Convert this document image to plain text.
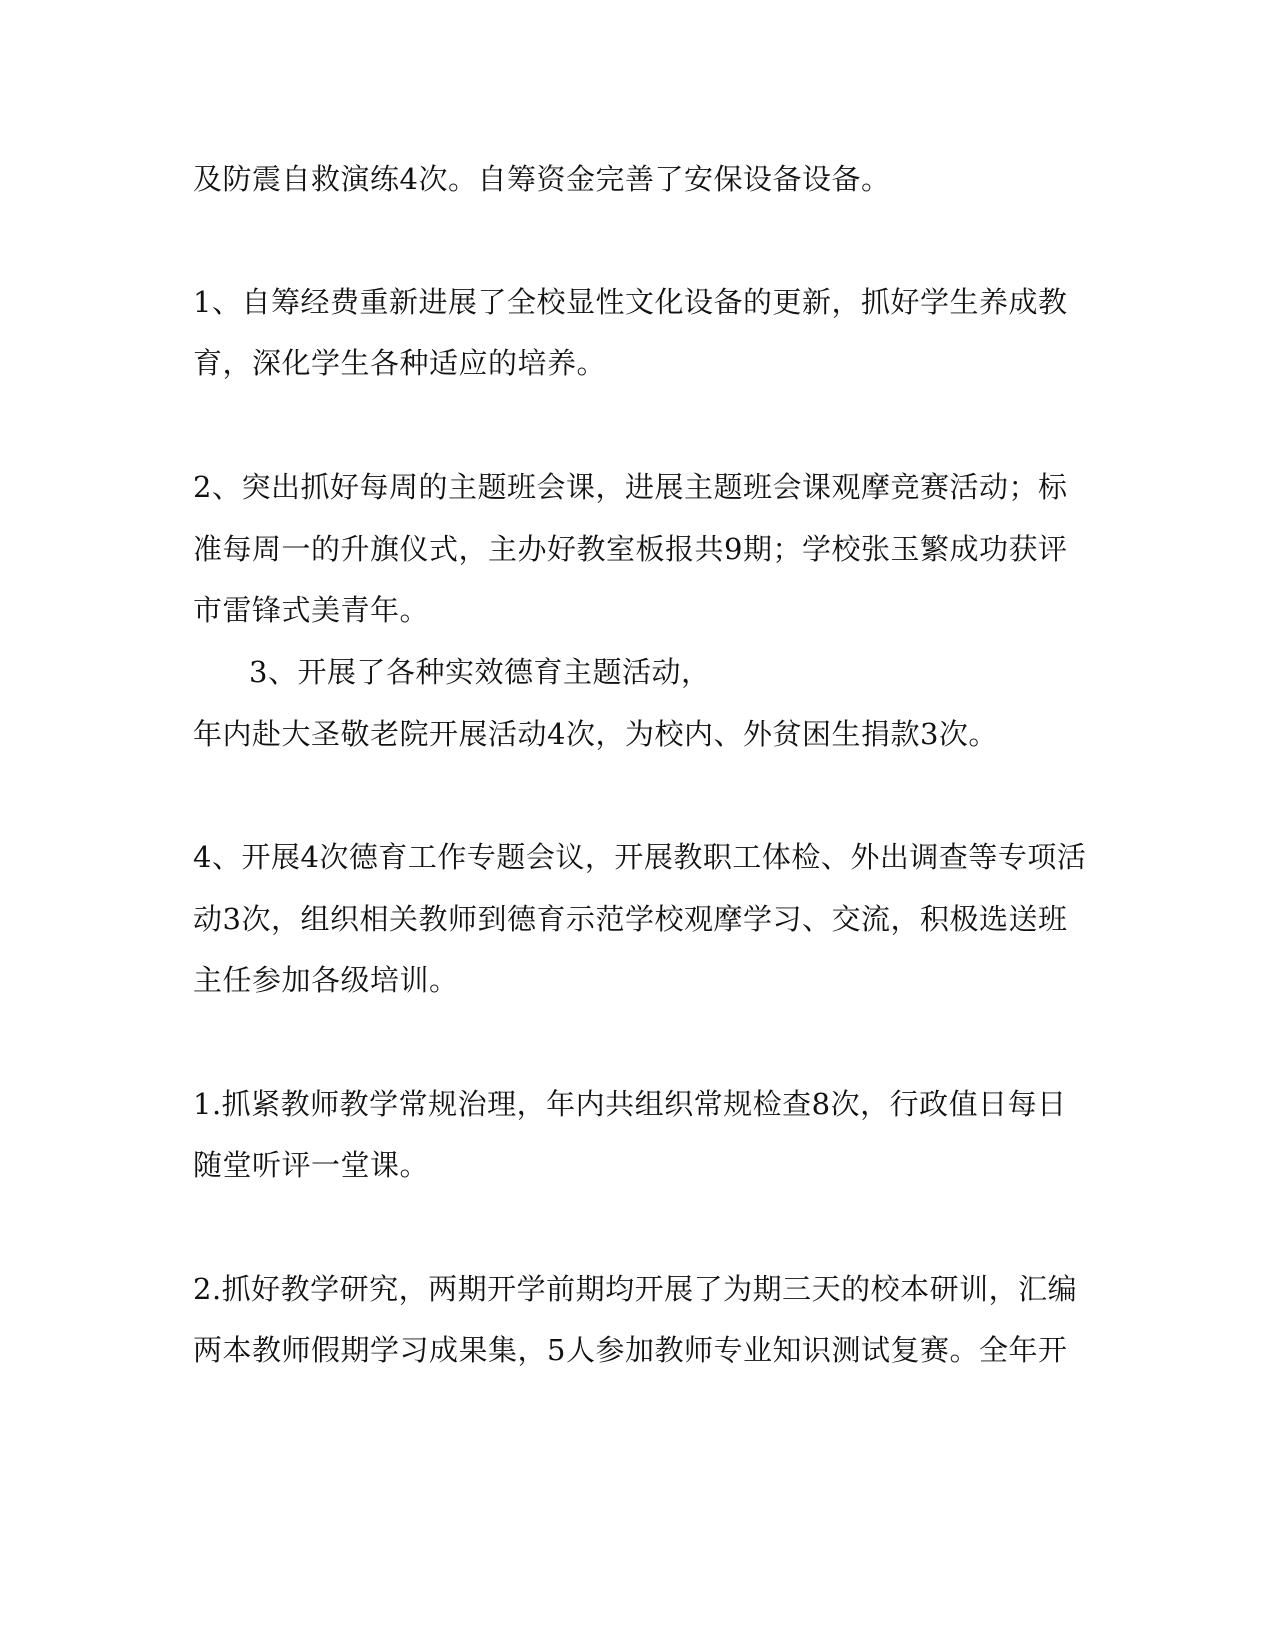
及防震自救演练4次。自筹资金完善了安保设备设备。

1、自筹经费重新进展了全校显性文化设备的更新，抓好学生养成教

育，深化学生各种适应的培养。

2、突出抓好每周的主题班会课，进展主题班会课观摩竞赛活动；标

准每周一的升旗仪式，主办好教室板报共9期；学校张玉繁成功获评

市雷锋式美青年。

3、开展了各种实效德育主题活动，

年内赴大圣敬老院开展活动4次，为校内、外贫困生捐款3次。

4、开展4次德育工作专题会议，开展教职工体检、外出调查等专项活

动3次，组织相关教师到德育示范学校观摩学习、交流，积极选送班

主任参加各级培训。

1.抓紧教师教学常规治理，年内共组织常规检查8次，行政值日每日

随堂听评一堂课。

2.抓好教学研究，两期开学前期均开展了为期三天的校本研训，汇编

两本教师假期学习成果集，5人参加教师专业知识测试复赛。全年开
